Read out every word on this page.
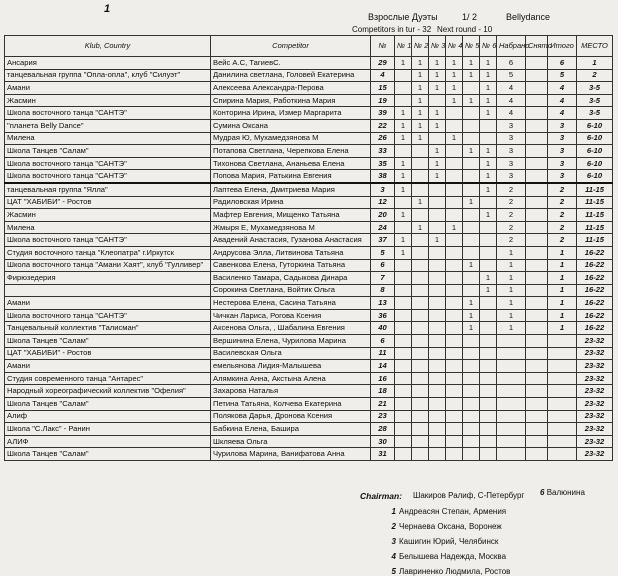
1
Взрослые Дуэты	1/ 2	Bellydance
Competitors in tur - 32 Next round - 10
Klub, Country	Competitor	№	№ 1	№ 2	№ 3	№ 4	№ 5	№ 6	Набрано	Снято	Итого	МЕСТО
Ансария	Вейс А.С, ТагиевС.	29	1	1	1	1	1	1	6		6	1
танцевальная группа "Опла-опла", клуб "Силуэт"	Данилина светлана, Головей Екатерина	4		1	1	1	1	1	5		5	2
Амани	Алексеева Александра-Перова	15		1	1	1		1	4		4	3-5
Жасмин	Спирина Мария, Работкина Мария	19		1		1	1	1	4		4	3-5
Школа восточного танца "САНТЭ"	Конторина Ирина, Измер Маргарита	39	1	1	1			1	4		4	3-5
"планета Belly Dance"	Сумина Оксана	22	1	1	1				3		3	6-10
Милена	Мудрая Ю, Мухамедзянова М	26	1	1		1			3		3	6-10
Школа Танцев "Салам"	Потапова Светлана, Черепкова Елена	33			1		1	1	3		3	6-10
Школа восточного танца "САНТЭ"	Тихонова Светлана, Ананьева Елена	35	1		1			1	3		3	6-10
Школа восточного танца "САНТЭ"	Попова Мария, Ратькина Евгения	38	1		1			1	3		3	6-10
танцевальная группа "Ялла"	Лаптева Елена, Дмитриева Мария	3	1					1	2		2	11-15
ЦАТ "ХАБИБИ" - Ростов	Радиловская Ирина	12		1			1		2		2	11-15
Жасмин	Мафтер Евгения, Мищенко Татьяна	20	1					1	2		2	11-15
Милена	Жмыря Е, Мухамедзянова М	24		1		1			2		2	11-15
Школа восточного танца "САНТЭ"	Авадений Анастасия, Гузанова Анастасия	37	1		1				2		2	11-15
Студия восточного танца "Клеопатра" г.Иркутск	Андрусова Элла, Литвинова Татьяна	5	1						1		1	16-22
Школа восточного танца "Амани Хаят", клуб "Гулливер"	Савенкова Елена, Гуторкина Татьяна	6					1		1		1	16-22
Фирюзедерия	Василенко Тамара, Садыкова Динара	7						1	1		1	16-22
	Сорокина Светлана, Войтик Ольга	8						1	1		1	16-22
Амани	Нестерова Елена, Сасина Татьяна	13					1		1		1	16-22
Школа восточного танца "САНТЭ"	Чичкан Лариса, Рогова Ксения	36					1		1		1	16-22
Танцевальный коллектив "Талисман"	Аксенова Ольга, , Шабалина Евгения	40					1		1		1	16-22
Школа Танцев "Салам"	Вершинина Елена, Чурилова Марина	6										23-32
ЦАТ "ХАБИБИ" - Ростов	Василевская Ольга	11										23-32
Амани	емельянова Лидия-Малышева	14										23-32
Студия современного танца "Антарес"	Алямкина Анна, Акстына Алена	16										23-32
Народный хореографический коллектив "Офелия"	Захарова Наталья	18										23-32
Школа Танцев "Салам"	Петина Татьяна, Колчева Екатерина	21										23-32
Алиф	Полякова Дарья, Дронова Ксения	23										23-32
Школа "С.Лакс" - Ранин	Бабкина Елена, Башира	28										23-32
АЛИФ	Шкляева Ольга	30										23-32
Школа Танцев "Салам"	Чурилова Марина, Ванифатова Анна	31										23-32
Chairman: Шакиров Ралиф, С-Петербург 6 Валюнина
1 Андреасян Степан, Армения
2 Чернаева Оксана, Воронеж
3 Кашигин Юрий, Челябинск
4 Белышева Надежда, Москва
5 Лавриненко Людмила, Ростов
